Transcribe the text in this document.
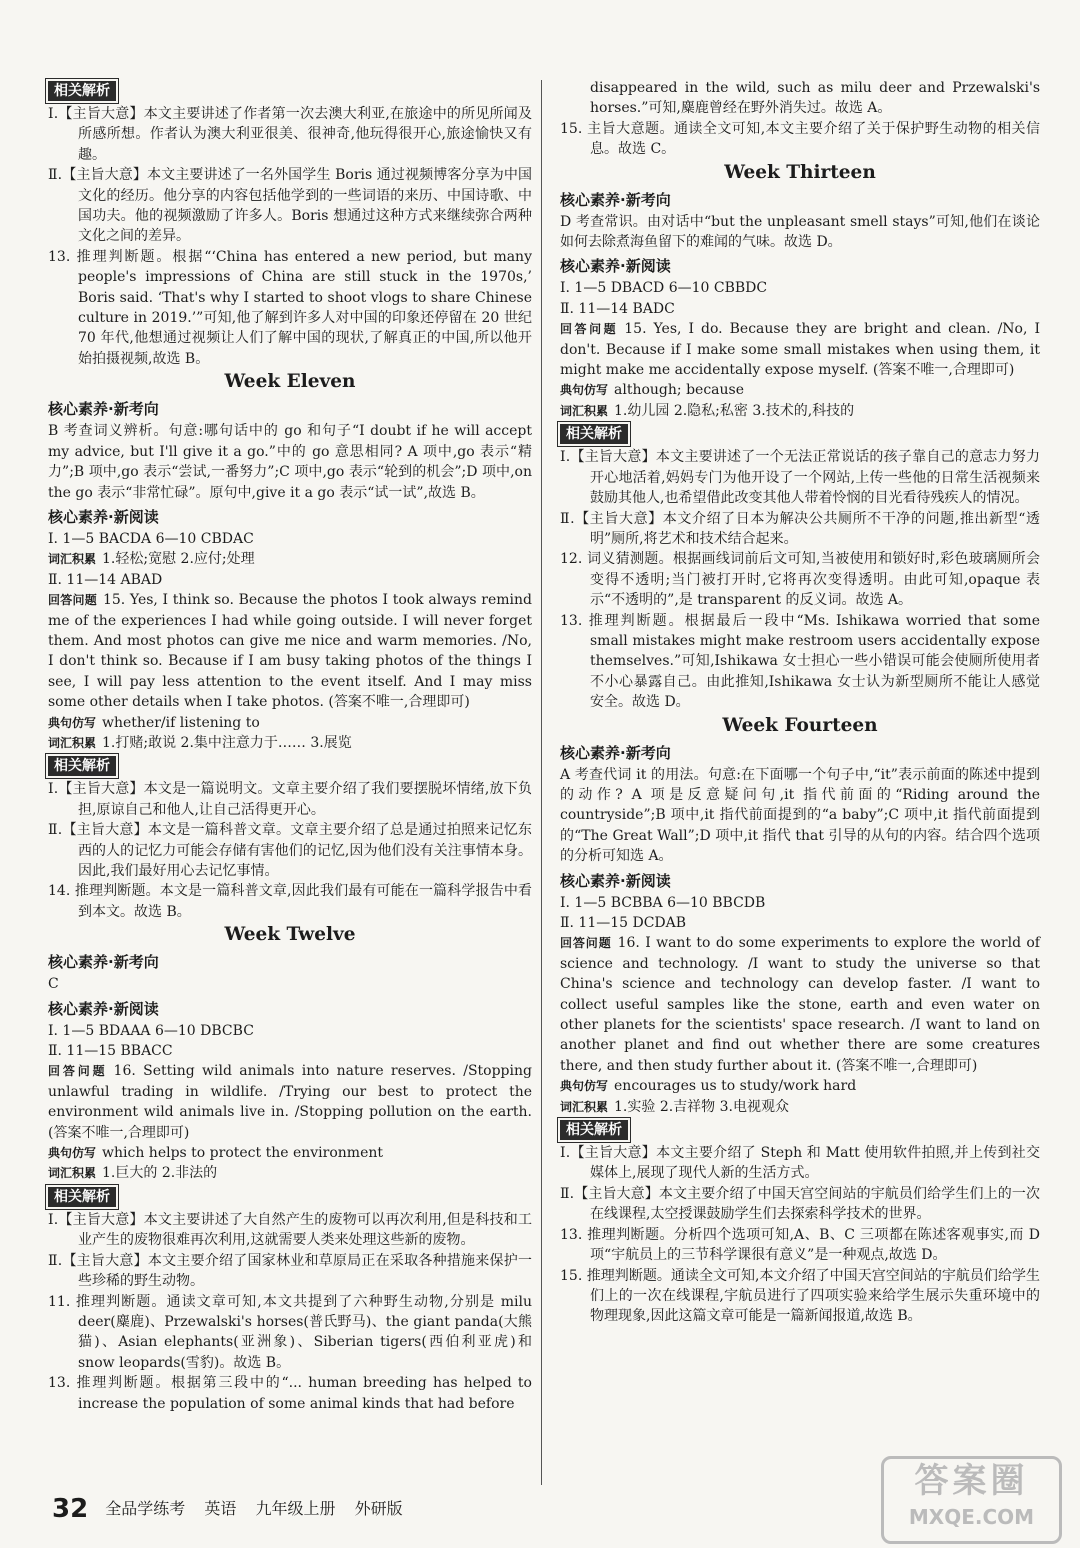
相关解析

Ⅰ.【主旨大意】本文主要讲述了作者第一次去澳大利亚,在旅途中的所见所闻及所感所想。作者认为澳大利亚很美、很神奇,他玩得很开心,旅途愉快又有趣。

Ⅱ.【主旨大意】本文主要讲述了一名外国学生 Boris 通过视频博客分享为中国文化的经历。他分享的内容包括他学到的一些词语的来历、中国诗歌、中国功夫。他的视频激励了许多人。Boris 想通过这种方式来继续弥合两种文化之间的差异。

13. 推理判断题。根据“‘China has entered a new period, but many people's impressions of China are still stuck in the 1970s,’ Boris said. ‘That's why I started to shoot vlogs to share Chinese culture in 2019.’”可知,他了解到许多人对中国的印象还停留在 20 世纪 70 年代,他想通过视频让人们了解中国的现状,了解真正的中国,所以他开始拍摄视频,故选 B。

Week Eleven
核心素养·新考向

B 考查词义辨析。句意:哪句话中的 go 和句子“I doubt if he will accept my advice, but I'll give it a go.”中的 go 意思相同? A 项中,go 表示“精力”;B 项中,go 表示“尝试,一番努力”;C 项中,go 表示“轮到的机会”;D 项中,on the go 表示“非常忙碌”。原句中,give it a go 表示“试一试”,故选 B。

核心素养·新阅读

Ⅰ. 1—5 BACDA 6—10 CBDAC

词汇积累 1.轻松;宽慰 2.应付;处理

Ⅱ. 11—14 ABAD

回答问题 15. Yes, I think so. Because the photos I took always remind me of the experiences I had while going outside. I will never forget them. And most photos can give me nice and warm memories. /No, I don't think so. Because if I am busy taking photos of the things I see, I will pay less attention to the event itself. And I may miss some other details when I take photos. (答案不唯一,合理即可)

典句仿写 whether/if listening to

词汇积累 1.打赌;敢说 2.集中注意力于…… 3.展览

相关解析

Ⅰ.【主旨大意】本文是一篇说明文。文章主要介绍了我们要摆脱坏情绪,放下负担,原谅自己和他人,让自己活得更开心。

Ⅱ.【主旨大意】本文是一篇科普文章。文章主要介绍了总是通过拍照来记忆东西的人的记忆力可能会存储有害他们的记忆,因为他们没有关注事情本身。因此,我们最好用心去记忆事情。

14. 推理判断题。本文是一篇科普文章,因此我们最有可能在一篇科学报告中看到本文。故选 B。

Week Twelve
核心素养·新考向

C

核心素养·新阅读

Ⅰ. 1—5 BDAAA 6—10 DBCBC

Ⅱ. 11—15 BBACC

回答问题 16. Setting wild animals into nature reserves. /Stopping unlawful trading in wildlife. /Trying our best to protect the environment wild animals live in. /Stopping pollution on the earth. (答案不唯一,合理即可)

典句仿写 which helps to protect the environment

词汇积累 1.巨大的 2.非法的

相关解析

Ⅰ.【主旨大意】本文主要讲述了大自然产生的废物可以再次利用,但是科技和工业产生的废物很难再次利用,这就需要人类来处理这些新的废物。

Ⅱ.【主旨大意】本文主要介绍了国家林业和草原局正在采取各种措施来保护一些珍稀的野生动物。

11. 推理判断题。通读文章可知,本文共提到了六种野生动物,分别是 milu deer(麋鹿)、Przewalski's horses(普氏野马)、the giant panda(大熊猫)、Asian elephants(亚洲象)、Siberian tigers(西伯利亚虎)和 snow leopards(雪豹)。故选 B。

13. 推理判断题。根据第三段中的“... human breeding has helped to increase the population of some animal kinds that had before

disappeared in the wild, such as milu deer and Przewalski's horses.”可知,麋鹿曾经在野外消失过。故选 A。

15. 主旨大意题。通读全文可知,本文主要介绍了关于保护野生动物的相关信息。故选 C。

Week Thirteen
核心素养·新考向

D 考查常识。由对话中“but the unpleasant smell stays”可知,他们在谈论如何去除煮海鱼留下的难闻的气味。故选 D。

核心素养·新阅读

Ⅰ. 1—5 DBACD 6—10 CBBDC

Ⅱ. 11—14 BADC

回答问题 15. Yes, I do. Because they are bright and clean. /No, I don't. Because if I make some small mistakes when using them, it might make me accidentally expose myself. (答案不唯一,合理即可)

典句仿写 although; because

词汇积累 1.幼儿园 2.隐私;私密 3.技术的,科技的

相关解析

Ⅰ.【主旨大意】本文主要讲述了一个无法正常说话的孩子靠自己的意志力努力开心地活着,妈妈专门为他开设了一个网站,上传一些他的日常生活视频来鼓励其他人,也希望借此改变其他人带着怜悯的目光看待残疾人的情况。

Ⅱ.【主旨大意】本文介绍了日本为解决公共厕所不干净的问题,推出新型“透明”厕所,将艺术和技术结合起来。

12. 词义猜测题。根据画线词前后文可知,当被使用和锁好时,彩色玻璃厕所会变得不透明;当门被打开时,它将再次变得透明。由此可知,opaque 表示“不透明的”,是 transparent 的反义词。故选 A。

13. 推理判断题。根据最后一段中“Ms. Ishikawa worried that some small mistakes might make restroom users accidentally expose themselves.”可知,Ishikawa 女士担心一些小错误可能会使厕所使用者不小心暴露自己。由此推知,Ishikawa 女士认为新型厕所不能让人感觉安全。故选 D。

Week Fourteen
核心素养·新考向

A 考查代词 it 的用法。句意:在下面哪一个句子中,“it”表示前面的陈述中提到的动作? A 项是反意疑问句,it 指代前面的“Riding around the countryside”;B 项中,it 指代前面提到的“a baby”;C 项中,it 指代前面提到的“The Great Wall”;D 项中,it 指代 that 引导的从句的内容。结合四个选项的分析可知选 A。

核心素养·新阅读

Ⅰ. 1—5 BCBBA 6—10 BBCDB

Ⅱ. 11—15 DCDAB

回答问题 16. I want to do some experiments to explore the world of science and technology. /I want to study the universe so that China's science and technology can develop faster. /I want to collect useful samples like the stone, earth and even water on other planets for the scientists' space research. /I want to land on another planet and find out whether there are some creatures there, and then study further about it. (答案不唯一,合理即可)

典句仿写 encourages us to study/work hard

词汇积累 1.实验 2.吉祥物 3.电视观众

相关解析

Ⅰ.【主旨大意】本文主要介绍了 Steph 和 Matt 使用软件拍照,并上传到社交媒体上,展现了现代人新的生活方式。

Ⅱ.【主旨大意】本文主要介绍了中国天宫空间站的宇航员们给学生们上的一次在线课程,太空授课鼓励学生们去探索科学技术的世界。

13. 推理判断题。分析四个选项可知,A、B、C 三项都在陈述客观事实,而 D 项“宇航员上的三节科学课很有意义”是一种观点,故选 D。

15. 推理判断题。通读全文可知,本文介绍了中国天宫空间站的宇航员们给学生们上的一次在线课程,宇航员进行了四项实验来给学生展示失重环境中的物理现象,因此这篇文章可能是一篇新闻报道,故选 B。

32 全品学练考 英语 九年级上册 外研版
答案圈
MXQE.COM
